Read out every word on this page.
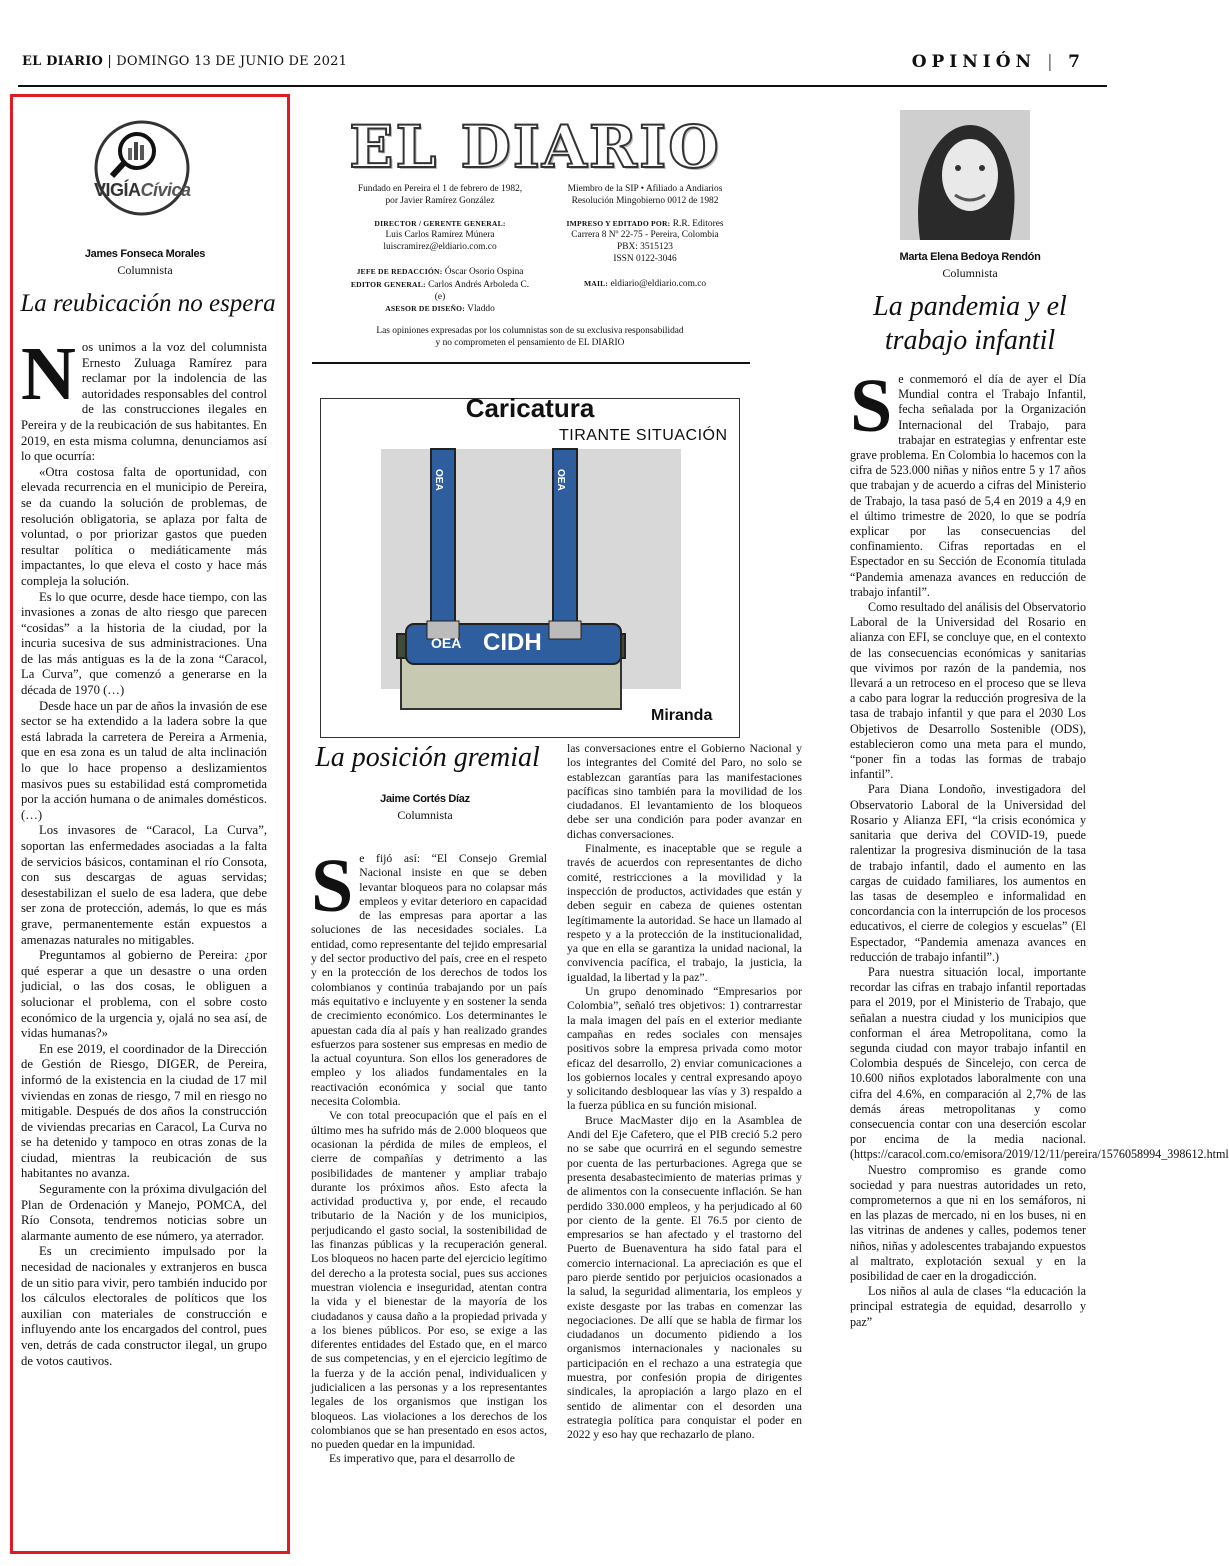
EL DIARIO | DOMINGO 13 DE JUNIO DE 2021	OPINIÓN | 7
VIGÍACívica
James Fonseca Morales
Columnista
La reubicación no espera
N os unimos a la voz del columnista Ernesto Zuluaga Ramírez para reclamar por la indolencia de las autoridades responsables del control de las construcciones ilegales en Pereira y de la reubicación de sus habitantes. En 2019, en esta misma columna, denunciamos así lo que ocurría:

«Otra costosa falta de oportunidad, con elevada recurrencia en el municipio de Pereira, se da cuando la solución de problemas, de resolución obligatoria, se aplaza por falta de voluntad, o por priorizar gastos que pueden resultar política o mediáticamente más impactantes, lo que eleva el costo y hace más compleja la solución.

Es lo que ocurre, desde hace tiempo, con las invasiones a zonas de alto riesgo que parecen “cosidas” a la historia de la ciudad, por la incuria sucesiva de sus administraciones. Una de las más antiguas es la de la zona “Caracol, La Curva”, que comenzó a generarse en la década de 1970 (…)

Desde hace un par de años la invasión de ese sector se ha extendido a la ladera sobre la que está labrada la carretera de Pereira a Armenia, que en esa zona es un talud de alta inclinación lo que lo hace propenso a deslizamientos masivos pues su estabilidad está comprometida por la acción humana o de animales domésticos. (…)

Los invasores de “Caracol, La Curva”, soportan las enfermedades asociadas a la falta de servicios básicos, contaminan el río Consota, con sus descargas de aguas servidas; desestabilizan el suelo de esa ladera, que debe ser zona de protección, además, lo que es más grave, permanentemente están expuestos a amenazas naturales no mitigables.

Preguntamos al gobierno de Pereira: ¿por qué esperar a que un desastre o una orden judicial, o las dos cosas, le obliguen a solucionar el problema, con el sobre costo económico de la urgencia y, ojalá no sea así, de vidas humanas?»

En ese 2019, el coordinador de la Dirección de Gestión de Riesgo, DIGER, de Pereira, informó de la existencia en la ciudad de 17 mil viviendas en zonas de riesgo, 7 mil en riesgo no mitigable. Después de dos años la construcción de viviendas precarias en Caracol, La Curva no se ha detenido y tampoco en otras zonas de la ciudad, mientras la reubicación de sus habitantes no avanza.

Seguramente con la próxima divulgación del Plan de Ordenación y Manejo, POMCA, del Río Consota, tendremos noticias sobre un alarmante aumento de ese número, ya aterrador.

Es un crecimiento impulsado por la necesidad de nacionales y extranjeros en busca de un sitio para vivir, pero también inducido por los cálculos electorales de políticos que los auxilian con materiales de construcción e influyendo ante los encargados del control, pues ven, detrás de cada constructor ilegal, un grupo de votos cautivos.

EL DIARIO
Fundado en Pereira el 1 de febrero de 1982,
por Javier Ramírez González
DIRECTOR / GERENTE GENERAL:
Luis Carlos Ramírez Múnera
luiscramirez@eldiario.com.co
JEFE DE REDACCIÓN: Óscar Osorio Ospina
EDITOR GENERAL: Carlos Andrés Arboleda C. (e)
ASESOR DE DISEÑO: Vladdo
Miembro de la SIP • Afiliado a Andiarios
Resolución Mingobierno 0012 de 1982
IMPRESO Y EDITADO POR: R.R. Editores
Carrera 8 Nº 22-75 - Pereira, Colombia
PBX: 3515123
ISSN 0122-3046
MAIL: eldiario@eldiario.com.co
Las opiniones expresadas por los columnistas son de su exclusiva responsabilidad
y no comprometen el pensamiento de EL DIARIO
Caricatura
TIRANTE SITUACIÓN
OEA	OEA
OEA CIDH
Miranda
La posición gremial
Jaime Cortés Díaz
Columnista
S e fijó así: “El Consejo Gremial Nacional insiste en que se deben levantar bloqueos para no colapsar más empleos y evitar deterioro en capacidad de las empresas para aportar a las soluciones de las necesidades sociales. La entidad, como representante del tejido empresarial y del sector productivo del país, cree en el respeto y en la protección de los derechos de todos los colombianos y continúa trabajando por un país más equitativo e incluyente y en sostener la senda de crecimiento económico. Los determinantes le apuestan cada día al país y han realizado grandes esfuerzos para sostener sus empresas en medio de la actual coyuntura. Son ellos los generadores de empleo y los aliados fundamentales en la reactivación económica y social que tanto necesita Colombia.

Ve con total preocupación que el país en el último mes ha sufrido más de 2.000 bloqueos que ocasionan la pérdida de miles de empleos, el cierre de compañías y detrimento a las posibilidades de mantener y ampliar trabajo durante los próximos años. Esto afecta la actividad productiva y, por ende, el recaudo tributario de la Nación y de los municipios, perjudicando el gasto social, la sostenibilidad de las finanzas públicas y la recuperación general. Los bloqueos no hacen parte del ejercicio legítimo del derecho a la protesta social, pues sus acciones muestran violencia e inseguridad, atentan contra la vida y el bienestar de la mayoría de los ciudadanos y causa daño a la propiedad privada y a los bienes públicos. Por eso, se exige a las diferentes entidades del Estado que, en el marco de sus competencias, y en el ejercicio legítimo de la fuerza y de la acción penal, individualicen y judicialicen a las personas y a los representantes legales de los organismos que instigan los bloqueos. Las violaciones a los derechos de los colombianos que se han presentado en esos actos, no pueden quedar en la impunidad.

Es imperativo que, para el desarrollo de

las conversaciones entre el Gobierno Nacional y los integrantes del Comité del Paro, no solo se establezcan garantías para las manifestaciones pacíficas sino también para la movilidad de los ciudadanos. El levantamiento de los bloqueos debe ser una condición para poder avanzar en dichas conversaciones.

Finalmente, es inaceptable que se regule a través de acuerdos con representantes de dicho comité, restricciones a la movilidad y la inspección de productos, actividades que están y deben seguir en cabeza de quienes ostentan legítimamente la autoridad. Se hace un llamado al respeto y a la protección de la institucionalidad, ya que en ella se garantiza la unidad nacional, la convivencia pacífica, el trabajo, la justicia, la igualdad, la libertad y la paz”.

Un grupo denominado “Empresarios por Colombia”, señaló tres objetivos: 1) contrarrestar la mala imagen del país en el exterior mediante campañas en redes sociales con mensajes positivos sobre la empresa privada como motor eficaz del desarrollo, 2) enviar comunicaciones a los gobiernos locales y central expresando apoyo y solicitando desbloquear las vías y 3) respaldo a la fuerza pública en su función misional.

Bruce MacMaster dijo en la Asamblea de Andi del Eje Cafetero, que el PIB creció 5.2 pero no se sabe que ocurrirá en el segundo semestre por cuenta de las perturbaciones. Agrega que se presenta desabastecimiento de materias primas y de alimentos con la consecuente inflación. Se han perdido 330.000 empleos, y ha perjudicado al 60 por ciento de la gente. El 76.5 por ciento de empresarios se han afectado y el trastorno del Puerto de Buenaventura ha sido fatal para el comercio internacional. La apreciación es que el paro pierde sentido por perjuicios ocasionados a la salud, la seguridad alimentaria, los empleos y existe desgaste por las trabas en comenzar las negociaciones. De allí que se habla de firmar los ciudadanos un documento pidiendo a los organismos internacionales y nacionales su participación en el rechazo a una estrategia que muestra, por confesión propia de dirigentes sindicales, la apropiación a largo plazo en el sentido de alimentar con el desorden una estrategia política para conquistar el poder en 2022 y eso hay que rechazarlo de plano.

Marta Elena Bedoya Rendón
Columnista
La pandemia y el trabajo infantil
S e conmemoró el día de ayer el Día Mundial contra el Trabajo Infantil, fecha señalada por la Organización Internacional del Trabajo, para trabajar en estrategias y enfrentar este grave problema. En Colombia lo hacemos con la cifra de 523.000 niñas y niños entre 5 y 17 años que trabajan y de acuerdo a cifras del Ministerio de Trabajo, la tasa pasó de 5,4 en 2019 a 4,9 en el último trimestre de 2020, lo que se podría explicar por las consecuencias del confinamiento. Cifras reportadas en el Espectador en su Sección de Economía titulada “Pandemia amenaza avances en reducción de trabajo infantil”.

Como resultado del análisis del Observatorio Laboral de la Universidad del Rosario en alianza con EFI, se concluye que, en el contexto de las consecuencias económicas y sanitarias que vivimos por razón de la pandemia, nos llevará a un retroceso en el proceso que se lleva a cabo para lograr la reducción progresiva de la tasa de trabajo infantil y que para el 2030 Los Objetivos de Desarrollo Sostenible (ODS), establecieron como una meta para el mundo, “poner fin a todas las formas de trabajo infantil”.

Para Diana Londoño, investigadora del Observatorio Laboral de la Universidad del Rosario y Alianza EFI, “la crisis económica y sanitaria que deriva del COVID-19, puede ralentizar la progresiva disminución de la tasa de trabajo infantil, dado el aumento en las cargas de cuidado familiares, los aumentos en las tasas de desempleo e informalidad en concordancia con la interrupción de los procesos educativos, el cierre de colegios y escuelas” (El Espectador, “Pandemia amenaza avances en reducción de trabajo infantil”.)

Para nuestra situación local, importante recordar las cifras en trabajo infantil reportadas para el 2019, por el Ministerio de Trabajo, que señalan a nuestra ciudad y los municipios que conforman el área Metropolitana, como la segunda ciudad con mayor trabajo infantil en Colombia después de Sincelejo, con cerca de 10.600 niños explotados laboralmente con una cifra del 4.6%, en comparación al 2,7% de las demás áreas metropolitanas y como consecuencia contar con una deserción escolar por encima de la media nacional. (https://caracol.com.co/emisora/2019/12/11/pereira/1576058994_398612.html

Nuestro compromiso es grande como sociedad y para nuestras autoridades un reto, comprometernos a que ni en los semáforos, ni en las plazas de mercado, ni en los buses, ni en las vitrinas de andenes y calles, podemos tener niños, niñas y adolescentes trabajando expuestos al maltrato, explotación sexual y en la posibilidad de caer en la drogadicción.

Los niños al aula de clases “la educación la principal estrategia de equidad, desarrollo y paz”
